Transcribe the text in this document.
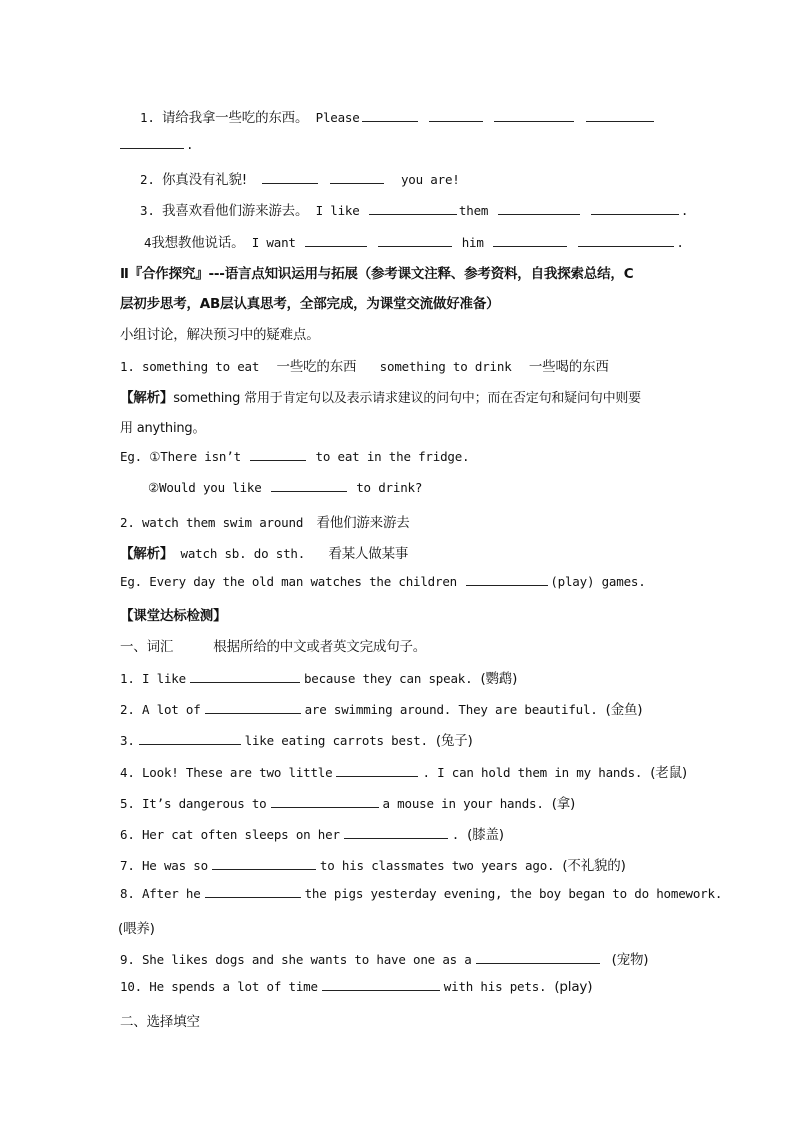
1. 请给我拿一些吃的东西。 Please
.
2. 你真没有礼貌!	you are!
3. 我喜欢看他们游来游去。 I like	them	.
4我想教他说话。 I want	him	.
Ⅱ『合作探究』---语言点知识运用与拓展（参考课文注释、参考资料，自我探索总结，C
层初步思考，AB层认真思考，全部完成，为课堂交流做好准备）
小组讨论，解决预习中的疑难点。
1. something to eat 一些吃的东西 something to drink 一些喝的东西
【解析】something 常用于肯定句以及表示请求建议的问句中；而在否定句和疑问句中则要
用 anything。
Eg. ①There isn’t	to eat in the fridge.
②Would you like	to drink?
2. watch them swim around 看他们游来游去
【解析】 watch sb. do sth. 看某人做某事
Eg. Every day the old man watches the children	(play) games.
【课堂达标检测】
一、词汇	根据所给的中文或者英文完成句子。
1. I like	because they can speak. (鹦鹉)
2. A lot of	are swimming around. They are beautiful. (金鱼)
3.	like eating carrots best. (兔子)
4. Look! These are two little	. I can hold them in my hands. (老鼠)
5. It’s dangerous to	a mouse in your hands. (拿)
6. Her cat often sleeps on her	. (膝盖)
7. He was so	to his classmates two years ago. (不礼貌的)
8. After he	the pigs yesterday evening, the boy began to do homework.
(喂养)
9. She likes dogs and she wants to have one as a	(宠物)
10. He spends a lot of time	with his pets. (play)
二、选择填空
